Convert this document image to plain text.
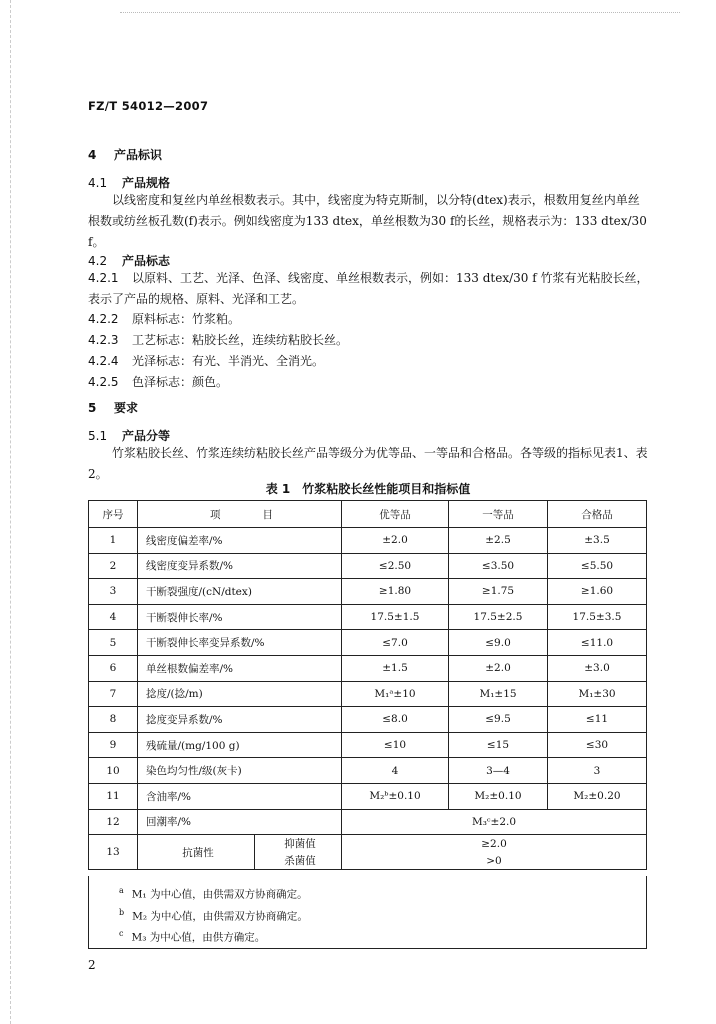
FZ/T 54012—2007
4 产品标识
4.1 产品规格
以线密度和复丝内单丝根数表示。其中，线密度为特克斯制，以分特(dtex)表示，根数用复丝内单丝根数或纺丝板孔数(f)表示。例如线密度为133 dtex，单丝根数为30 f的长丝，规格表示为：133 dtex/30 f。
4.2 产品标志
4.2.1 以原料、工艺、光泽、色泽、线密度、单丝根数表示，例如：133 dtex/30 f 竹浆有光粘胶长丝，表示了产品的规格、原料、光泽和工艺。
4.2.2 原料标志：竹浆粕。
4.2.3 工艺标志：粘胶长丝，连续纺粘胶长丝。
4.2.4 光泽标志：有光、半消光、全消光。
4.2.5 色泽标志：颜色。
5 要求
5.1 产品分等
竹浆粘胶长丝、竹浆连续纺粘胶长丝产品等级分为优等品、一等品和合格品。各等级的指标见表1、表2。
表 1　竹浆粘胶长丝性能项目和指标值
序号	项　　　　目		优等品	一等品	合格品
1	线密度偏差率/%		±2.0	±2.5	±3.5
2	线密度变异系数/%		≤2.50	≤3.50	≤5.50
3	干断裂强度/(cN/dtex)		≥1.80	≥1.75	≥1.60
4	干断裂伸长率/%		17.5±1.5	17.5±2.5	17.5±3.5
5	干断裂伸长率变异系数/%		≤7.0	≤9.0	≤11.0
6	单丝根数偏差率/%		±1.5	±2.0	±3.0
7	捻度/(捻/m)		M₁ᵃ±10	M₁±15	M₁±30
8	捻度变异系数/%		≤8.0	≤9.5	≤11
9	残硫量/(mg/100 g)		≤10	≤15	≤30
10	染色均匀性/级(灰卡)		4	3—4	3
11	含油率/%		M₂ᵇ±0.10	M₂±0.10	M₂±0.20
12	回潮率/%		M₃ᶜ±2.0		
13	抗菌性	抑菌值	≥2.0		
		杀菌值	>0		
$^a$ M₁ 为中心值，由供需双方协商确定。
$^b$ M₂ 为中心值，由供需双方协商确定。
$^c$ M₃ 为中心值，由供方确定。
2
